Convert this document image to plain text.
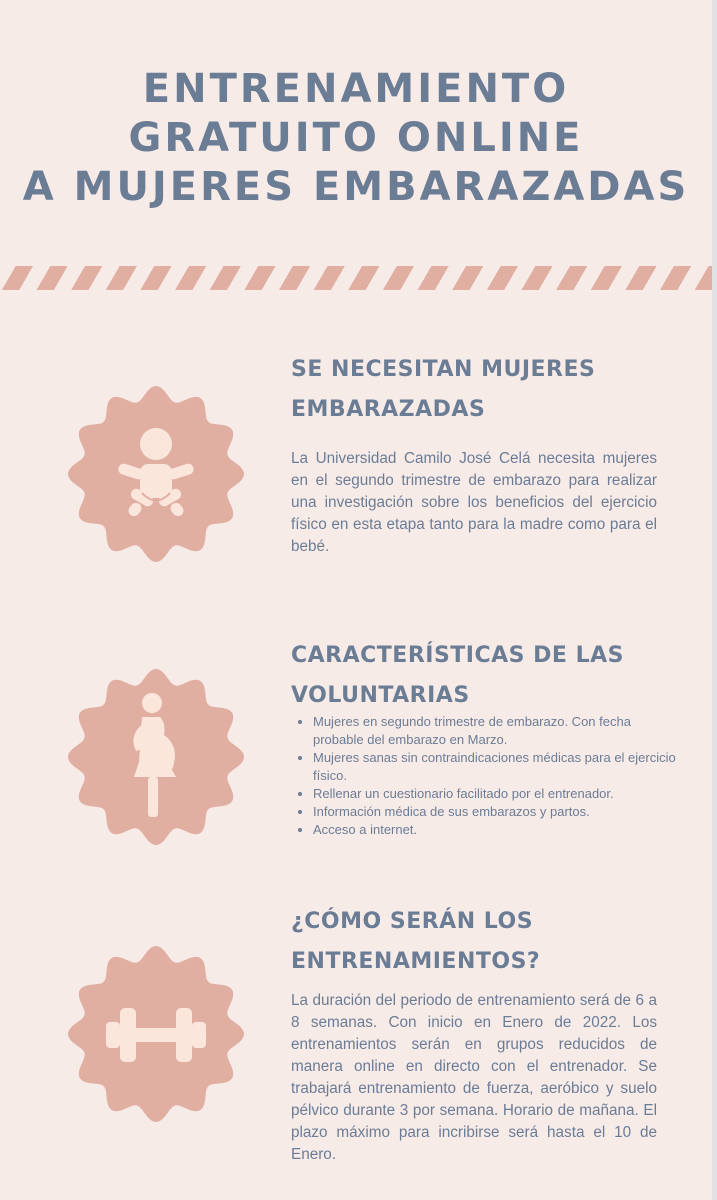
ENTRENAMIENTO
GRATUITO ONLINE
A MUJERES EMBARAZADAS
SE NECESITAN MUJERES EMBARAZADAS

La Universidad Camilo José Celá necesita mujeres en el segundo trimestre de embarazo para realizar una investigación sobre los beneficios del ejercicio físico en esta etapa tanto para la madre como para el bebé.

CARACTERÍSTICAS DE LAS VOLUNTARIAS
• Mujeres en segundo trimestre de embarazo. Con fecha probable del embarazo en Marzo.
• Mujeres sanas sin contraindicaciones médicas para el ejercicio físico.
• Rellenar un cuestionario facilitado por el entrenador.
• Información médica de sus embarazos y partos.
• Acceso a internet.
¿CÓMO SERÁN LOS ENTRENAMIENTOS?

La duración del periodo de entrenamiento será de 6 a 8 semanas. Con inicio en Enero de 2022. Los entrenamientos serán en grupos reducidos de manera online en directo con el entrenador. Se trabajará entrenamiento de fuerza, aeróbico y suelo pélvico durante 3 por semana. Horario de mañana. El plazo máximo para incribirse será hasta el 10 de Enero.
